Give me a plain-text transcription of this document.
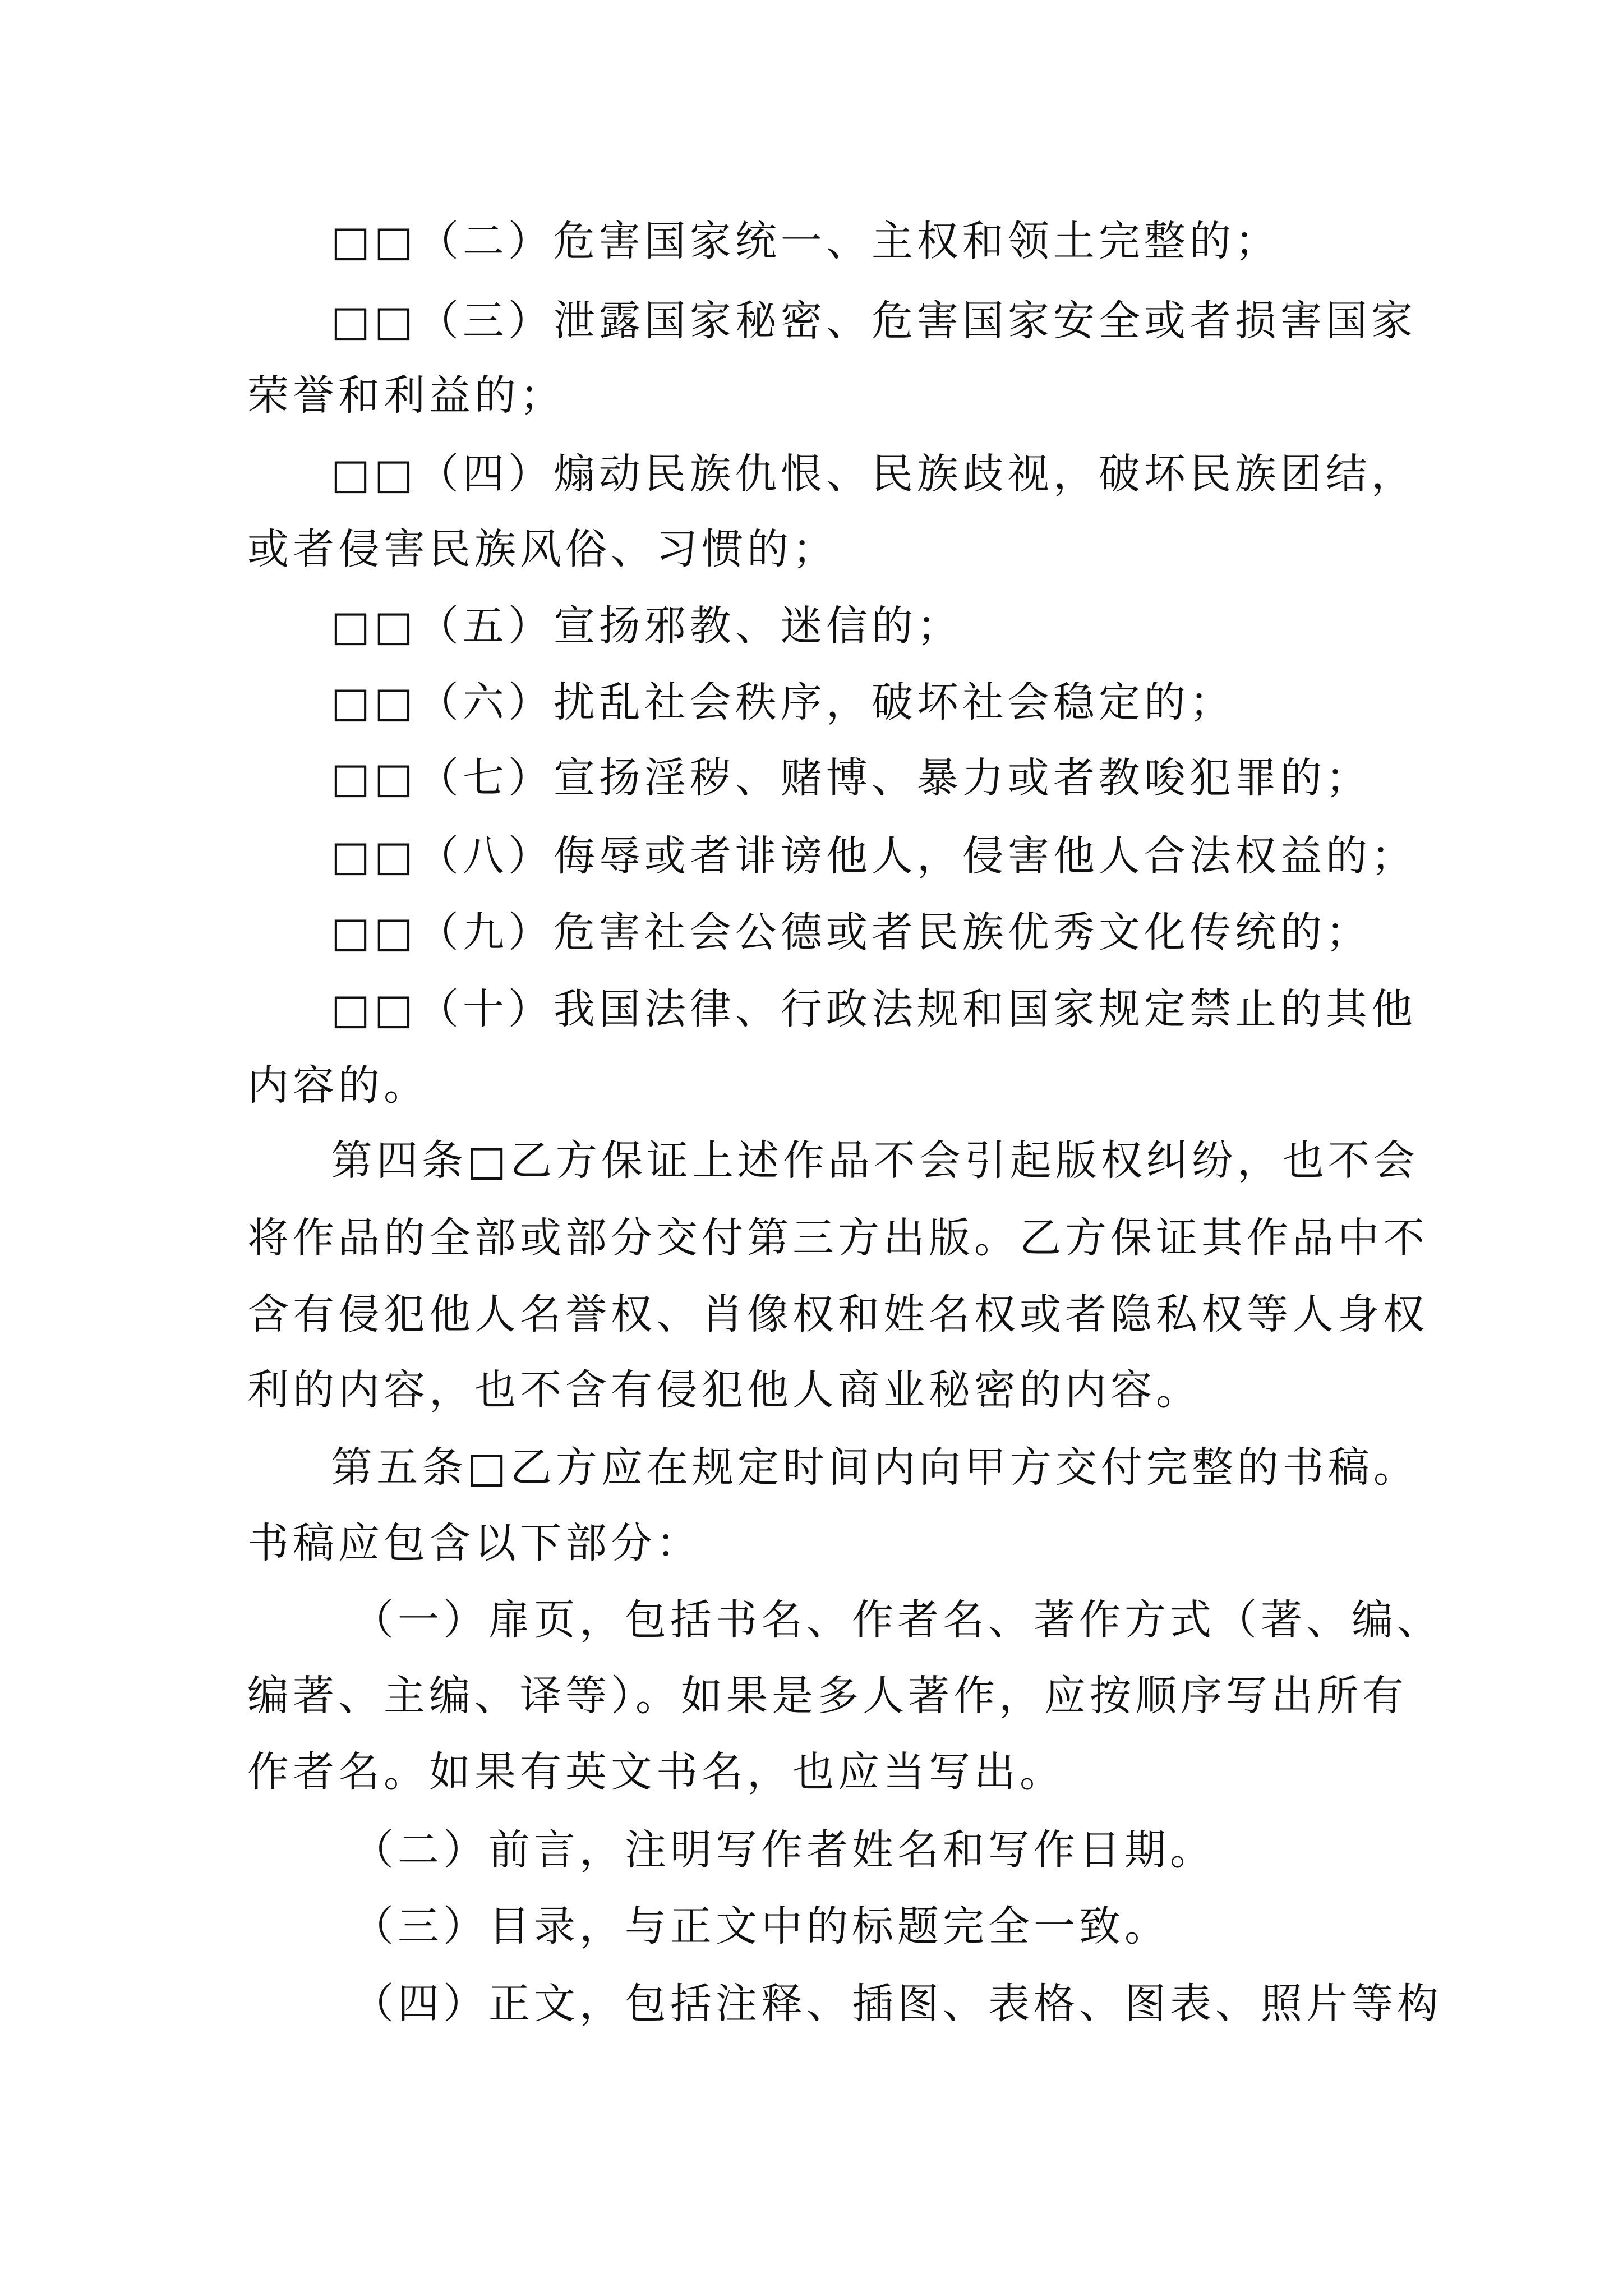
□□（二）危害国家统一、主权和领土完整的；
□□（三）泄露国家秘密、危害国家安全或者损害国家
荣誉和利益的；
□□（四）煽动民族仇恨、民族歧视，破坏民族团结，
或者侵害民族风俗、习惯的；
□□（五）宣扬邪教、迷信的；
□□（六）扰乱社会秩序，破坏社会稳定的；
□□（七）宣扬淫秽、赌博、暴力或者教唆犯罪的；
□□（八）侮辱或者诽谤他人，侵害他人合法权益的；
□□（九）危害社会公德或者民族优秀文化传统的；
□□（十）我国法律、行政法规和国家规定禁止的其他
内容的。
第四条□乙方保证上述作品不会引起版权纠纷，也不会
将作品的全部或部分交付第三方出版。乙方保证其作品中不
含有侵犯他人名誉权、肖像权和姓名权或者隐私权等人身权
利的内容，也不含有侵犯他人商业秘密的内容。
第五条□乙方应在规定时间内向甲方交付完整的书稿。
书稿应包含以下部分：
（一）扉页，包括书名、作者名、著作方式（著、编、
编著、主编、译等）。如果是多人著作，应按顺序写出所有
作者名。如果有英文书名，也应当写出。
（二）前言，注明写作者姓名和写作日期。
（三）目录，与正文中的标题完全一致。
（四）正文，包括注释、插图、表格、图表、照片等构
